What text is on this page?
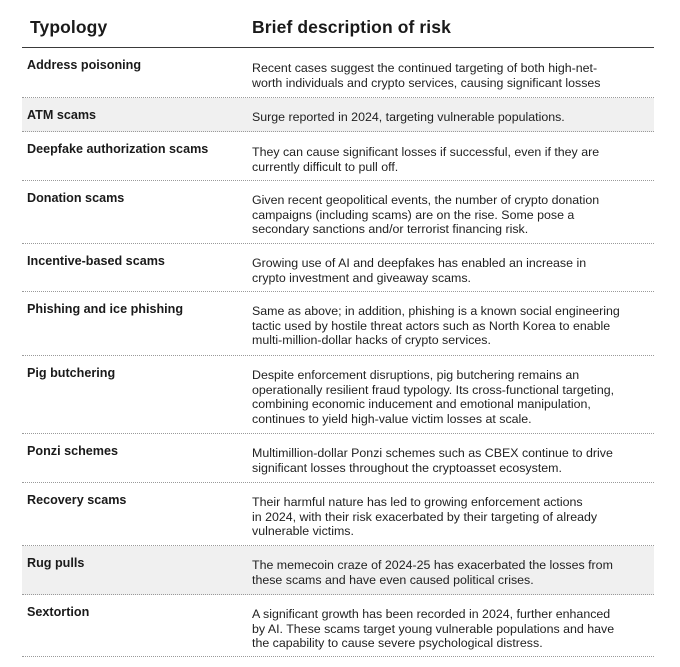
Typology	Brief description of risk
Address poisoning	Recent cases suggest the continued targeting of both high-net-
worth individuals and crypto services, causing significant losses
ATM scams	Surge reported in 2024, targeting vulnerable populations.
Deepfake authorization scams	They can cause significant losses if successful, even if they are
currently difficult to pull off.
Donation scams	Given recent geopolitical events, the number of crypto donation
campaigns (including scams) are on the rise. Some pose a
secondary sanctions and/or terrorist financing risk.
Incentive-based scams	Growing use of AI and deepfakes has enabled an increase in
crypto investment and giveaway scams.
Phishing and ice phishing	Same as above; in addition, phishing is a known social engineering
tactic used by hostile threat actors such as North Korea to enable
multi-million-dollar hacks of crypto services.
Pig butchering	Despite enforcement disruptions, pig butchering remains an
operationally resilient fraud typology. Its cross-functional targeting,
combining economic inducement and emotional manipulation,
continues to yield high-value victim losses at scale.
Ponzi schemes	Multimillion-dollar Ponzi schemes such as CBEX continue to drive
significant losses throughout the cryptoasset ecosystem.
Recovery scams	Their harmful nature has led to growing enforcement actions
in 2024, with their risk exacerbated by their targeting of already
vulnerable victims.
Rug pulls	The memecoin craze of 2024-25 has exacerbated the losses from
these scams and have even caused political crises.
Sextortion	A significant growth has been recorded in 2024, further enhanced
by AI. These scams target young vulnerable populations and have
the capability to cause severe psychological distress.
